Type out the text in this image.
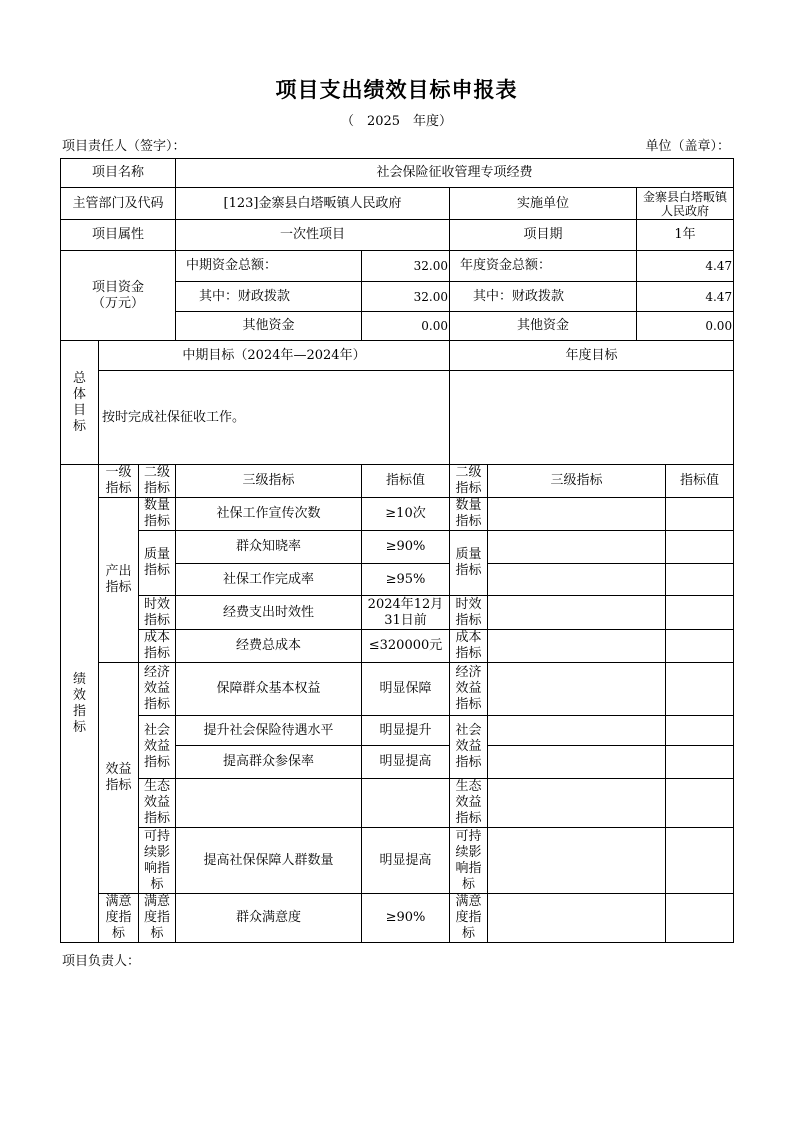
项目支出绩效目标申报表
（　2025　年度）
项目责任人（签字）：	单位（盖章）：
项目名称			社会保险征收管理专项经费					
主管部门及代码			[123]金寨县白塔畈镇人民政府		实施单位		金寨县白塔畈镇人民政府	
项目属性			一次性项目		项目期		1年	

项目资金
（万元）			中期资金总额：	32.00	年度资金总额：		4.47	
			其中：财政拨款	32.00	其中：财政拨款		4.47	
			其他资金	0.00	其他资金		0.00	
总体目标	中期目标（2024年—2024年）				年度目标			
	按时完成社保征收工作。							
绩效指标	一级指标	二级指标	三级指标	指标值	二级指标	三级指标		指标值
	产出指标	数量指标	社保工作宣传次数	≥10次	数量指标			
		质量指标	群众知晓率	≥90%	质量指标			
			社保工作完成率	≥95%				
		时效指标	经费支出时效性	2024年12月31日前	时效指标			
		成本指标	经费总成本	≤320000元	成本指标			
	效益指标	经济效益指标	保障群众基本权益	明显保障	经济效益指标			
		社会效益指标	提升社会保险待遇水平	明显提升	社会效益指标			
			提高群众参保率	明显提高				
		生态效益指标			生态效益指标			
		可持续影响指标	提高社保保障人群数量	明显提高	可持续影响指标			
	满意度指标	满意度指标	群众满意度	≥90%	满意度指标			
项目负责人：
